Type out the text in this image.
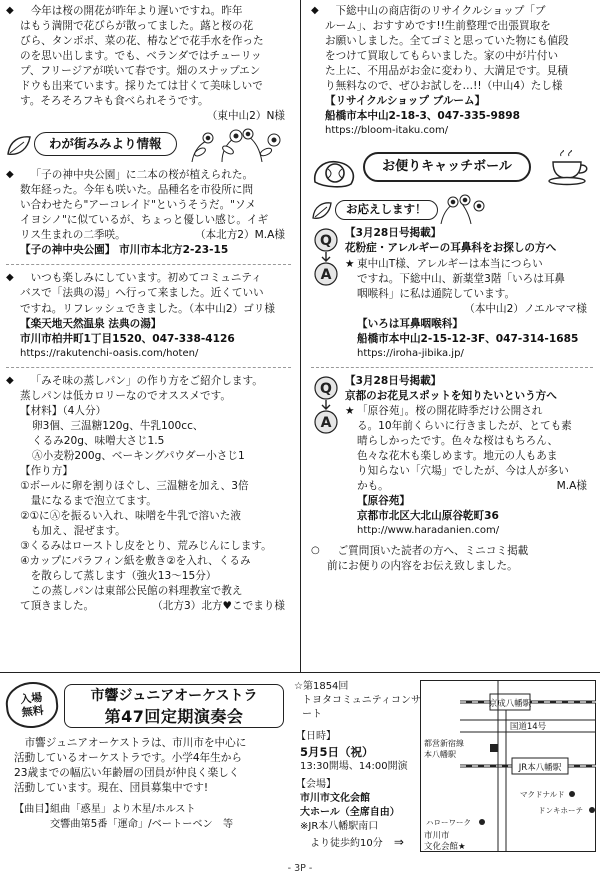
◆	今年は桜の開花が昨年より遅いですね。昨年
はもう満開で花びらが散ってました。蕗と桜の花
びら、タンポポ、菜の花、椿などで花手水を作った
のを思い出します。でも、ベランダではチューリッ
プ、フリージアが咲いて春です。畑のスナップエン
ドウも出来ています。採りたては甘くて美味しいで
す。そろそろフキも食べられそうです。
（東中山2）N様
わが街みみより情報
◆	「子の神中央公園」に二本の桜が植えられた。
数年経った。今年も咲いた。品種名を市役所に問
い合わせたら"アーコレイド"というそうだ。"ソメ
イヨシノ"に似ているが、ちょっと優しい感じ。イギ
リス生まれの二季咲。	（本北方2）M.A様
【子の神中央公園】 市川市本北方2-23-15
◆	いつも楽しみにしています。初めてコミュニティ
バスで「法典の湯」へ行って来ました。近くていい
ですね。リフレッシュできました。（本中山2）ゴリ様
【楽天地天然温泉 法典の湯】
市川市柏井町1丁目1520、047-338-4126
https://rakutenchi-oasis.com/hoten/
◆	「みそ味の蒸しパン」の作り方をご紹介します。
蒸しパンは低カロリーなのでオススメです。
【材料】（4人分）
卵3個、三温糖120g、牛乳100cc、
くるみ20g、味噌大さじ1.5
Ⓐ小麦粉200g、ベーキングパウダー小さじ1
【作り方】
①ボールに卵を割りほぐし、三温糖を加え、3倍
　量になるまで泡立てます。
②①にⒶを振るい入れ、味噌を牛乳で溶いた液
　も加え、混ぜます。
③くるみはローストし皮をとり、荒みじんにします。
④カップにパラフィン紙を敷き②を入れ、くるみ
　を散らして蒸します（強火13〜15分）
この蒸しパンは東部公民館の料理教室で教え
て頂きました。	（北方3）北方♥こでまり様
◆	下総中山の商店街のリサイクルショップ「ブ
ルーム」、おすすめです!!生前整理で出張買取を
お願いしました。全てゴミと思っていた物にも値段
をつけて買取してもらいました。家の中が片付い
た上に、不用品がお金に変わり、大満足です。見積
り無料なので、ぜひお試しを…!!（中山4）たし様
【リサイクルショップ ブルーム】
船橋市本中山2-18-3、047-335-9898
https://bloom-itaku.com/
お便りキャッチボール
お応えします！
Q
A
【3月28日号掲載】
花粉症・アレルギーの耳鼻科をお探しの方へ
★ 東中山T様、アレルギーは本当につらい
ですね。下総中山、新薬堂3階「いろは耳鼻
咽喉科」に私は通院しています。
（本中山2）ノエルママ様
【いろは耳鼻咽喉科】
船橋市本中山2-15-12-3F、047-314-1685
https://iroha-jibika.jp/
Q
A
【3月28日号掲載】
京都のお花見スポットを知りたいという方へ
★ 「原谷苑」。桜の開花時季だけ公開され
る。10年前くらいに行きましたが、とても素
晴らしかったです。色々な桜はもちろん、
色々な花木も楽しめます。地元の人もあま
り知らない「穴場」でしたが、今は人が多い
かも。	M.A様
【原谷苑】
京都市北区大北山原谷乾町36
http://www.haradanien.com/
○	ご質問頂いた読者の方へ、ミニコミ掲載
前にお便りの内容をお伝え致しました。
入場
無料
市響ジュニアオーケストラ
第47回定期演奏会
市響ジュニアオーケストラは、市川市を中心に
活動しているオーケストラです。小学4年生から
23歳までの幅広い年齢層の団員が仲良く楽しく
活動しています。現在、団員募集中です!
【曲目】
組曲「惑星」より木星/ホルスト
交響曲第5番「運命」/ベートーベン　等
☆第1854回
トヨタコミュニティコンサート
【日時】
5月5日（祝）
13:30開場、14:00開演
【会場】
市川市文化会館
大ホール（全席自由）
※JR本八幡駅南口
より徒歩約10分 ⇒
京成八幡駅
国道14号
都営新宿線
本八幡駅
JR本八幡駅
マクドナルド
ドンキホーテ
ハローワーク
市川市
文化会館★
- 3P -
